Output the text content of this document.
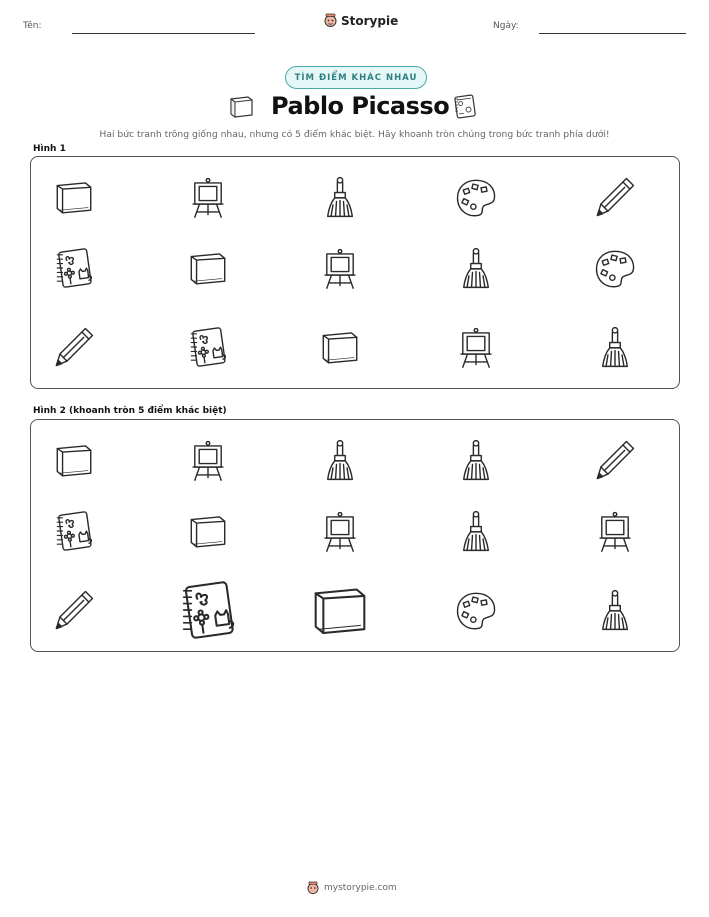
Tên:	Storypie	Ngày:
TÌM ĐIỂM KHÁC NHAU
Pablo Picasso
Hai bức tranh trông giống nhau, nhưng có 5 điểm khác biệt. Hãy khoanh tròn chúng trong bức tranh phía dưới!
Hình 1
Hình 2 (khoanh tròn 5 điểm khác biệt)
mystorypie.com
